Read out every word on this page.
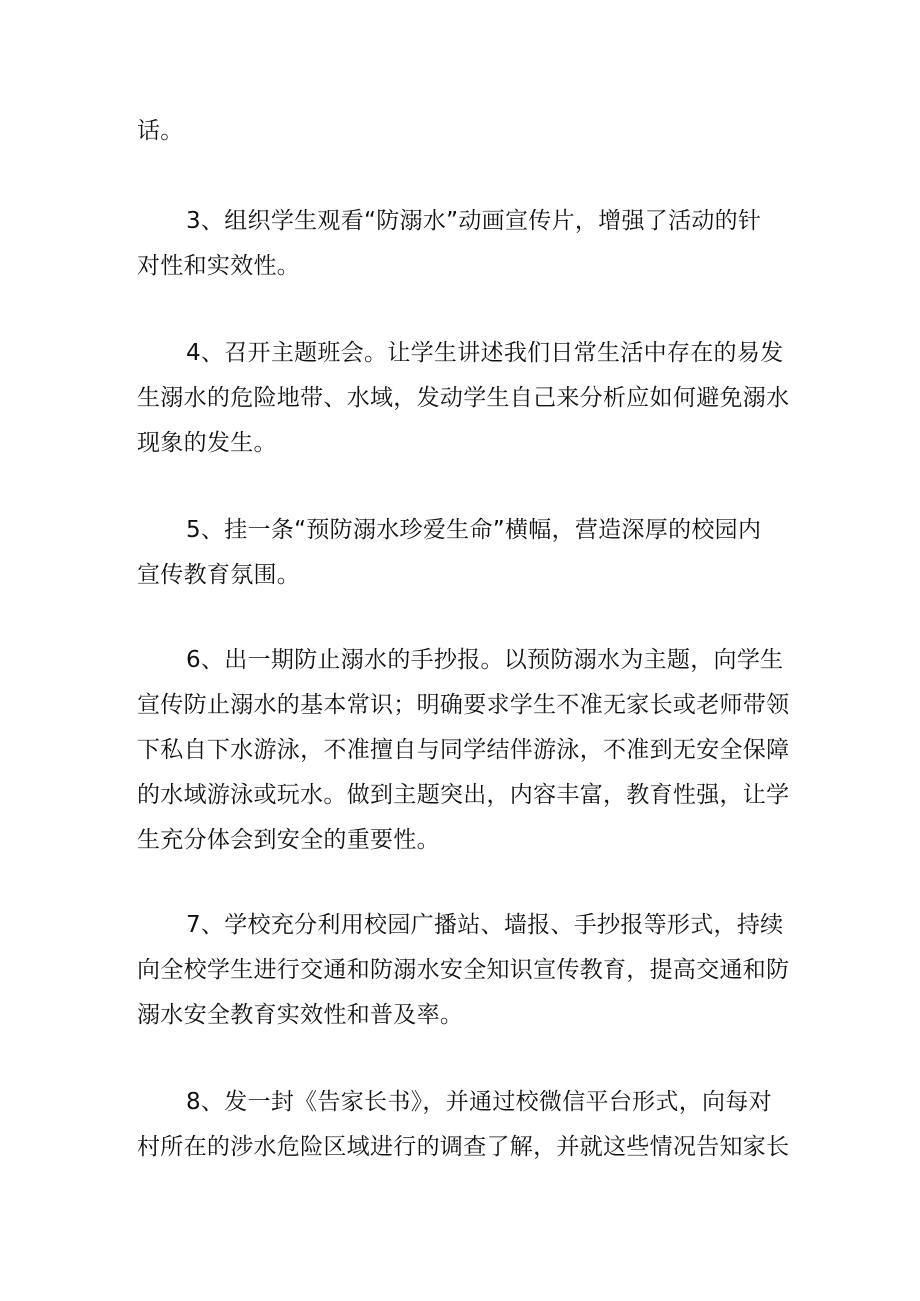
话。
3、组织学生观看“防溺水”动画宣传片，增强了活动的针
对性和实效性。
4、召开主题班会。让学生讲述我们日常生活中存在的易发
生溺水的危险地带、水域，发动学生自己来分析应如何避免溺水
现象的发生。
5、挂一条“预防溺水珍爱生命”横幅，营造深厚的校园内
宣传教育氛围。
6、出一期防止溺水的手抄报。以预防溺水为主题，向学生
宣传防止溺水的基本常识；明确要求学生不准无家长或老师带领
下私自下水游泳，不准擅自与同学结伴游泳，不准到无安全保障
的水域游泳或玩水。做到主题突出，内容丰富，教育性强，让学
生充分体会到安全的重要性。
7、学校充分利用校园广播站、墙报、手抄报等形式，持续
向全校学生进行交通和防溺水安全知识宣传教育，提高交通和防
溺水安全教育实效性和普及率。
8、发一封《告家长书》，并通过校微信平台形式，向每对
村所在的涉水危险区域进行的调查了解，并就这些情况告知家长
